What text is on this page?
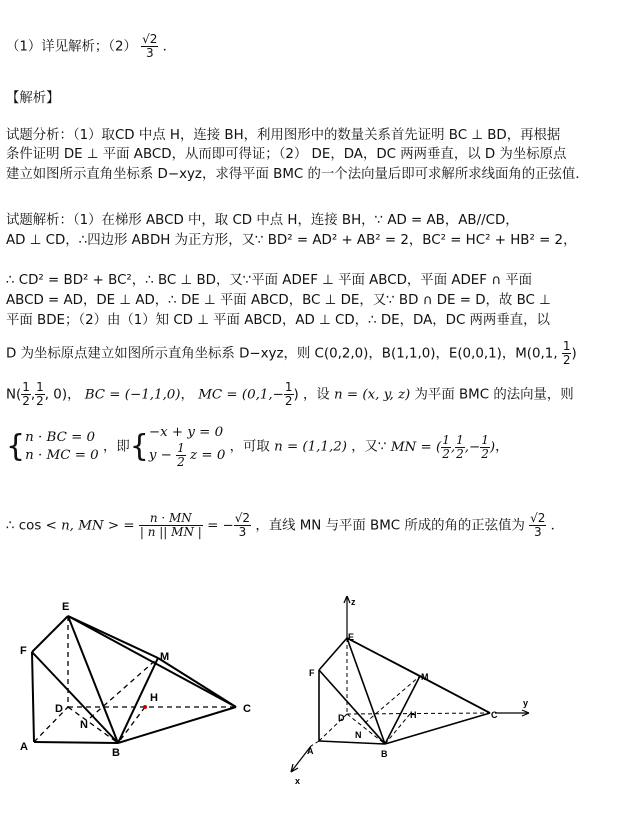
（1）详见解析；$(2) \frac{√2}{3}$ ．
【解析】
试题分析：（1）取CD 中点 H，连接 BH，利用图形中的数量关系首先证明 BC ⊥ BD，再根据
条件证明 DE ⊥ 平面 ABCD，从而即可得证；（2） DE，DA，DC 两两垂直，以 D 为坐标原点
建立如图所示直角坐标系 D−xyz，求得平面 BMC 的一个法向量后即可求解所求线面角的正弦值．
试题解析：（1）在梯形 ABCD 中，取 CD 中点 H，连接 BH，∵ AD = AB，AB//CD，
AD ⊥ CD，∴四边形 ABDH 为正方形，又∵ BD² = AD² + AB² = 2，BC² = HC² + HB² = 2，
∴ CD² = BD² + BC²，∴ BC ⊥ BD，又∵平面 ADEF ⊥ 平面 ABCD，平面 ADEF ∩ 平面
ABCD = AD，DE ⊥ AD，∴ DE ⊥ 平面 ABCD，BC ⊥ DE，又∵ BD ∩ DE = D，故 BC ⊥
平面 BDE；（2）由（1）知 CD ⊥ 平面 ABCD，AD ⊥ CD，∴ DE，DA，DC 两两垂直，以
D 为坐标原点建立如图所示直角坐标系 D−xyz，则 C(0,2,0)，B(1,1,0)，E(0,0,1)，M(0,1, $\frac{1}{2}$ )
$N( \frac{1}{2}$ , $\frac{1}{2}$ , 0)， BC = (−1,1,0)， MC = ($0,1,- \frac{1}{2}$ ) ，设 n = (x, y, z) 为平面 BMC 的法向量，则
{ n · BC = 0
n · MC = 0
，即{ −x + y = 0
$y - \frac{1}{2}$ z = 0
，可取 n = (1,1,2) ，又∵ MN = ( $\frac{1}{2}$ , $\frac{1}{2}$ ,− $\frac{1}{2}$ )，
∴ cos < n, MN > = $\frac{n \cdot MN}{| n || MN |}$ = − $\frac{√2}{3}$ ，直线 MN 与平面 BMC 所成的角的正弦值为 $\frac{√2}{3}$ ．
E
F	M
D
H
C
N
A	B
z
E
F	M
D	H	C
y
N
A	B
x
